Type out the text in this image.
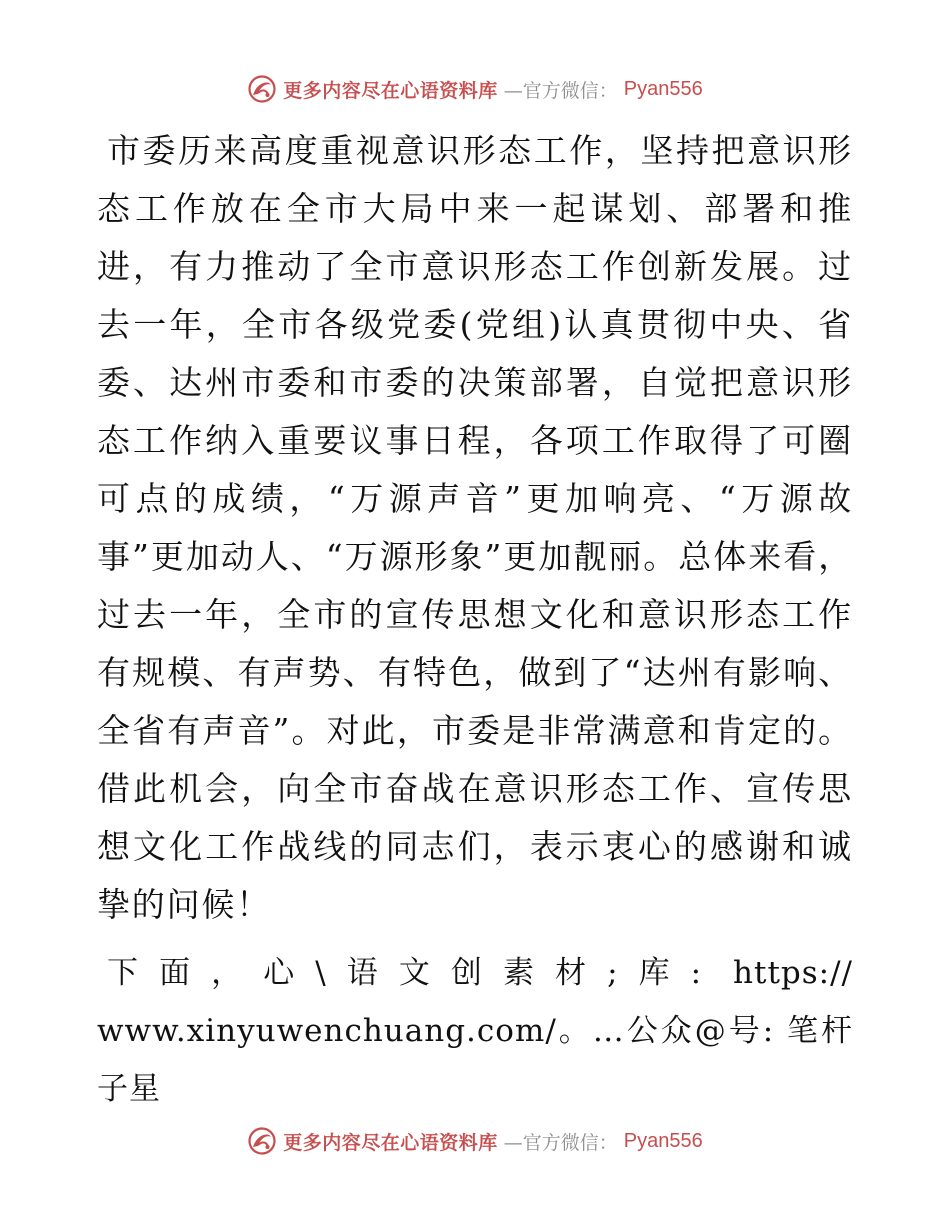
更多内容尽在心语资料库 —官方微信： Pyan556

市委历来高度重视意识形态工作，坚持把意识形态工作放在全市大局中来一起谋划、部署和推进，有力推动了全市意识形态工作创新发展。过去一年，全市各级党委(党组)认真贯彻中央、省委、达州市委和市委的决策部署，自觉把意识形态工作纳入重要议事日程，各项工作取得了可圈可点的成绩，“万源声音”更加响亮、“万源故事”更加动人、“万源形象”更加靓丽。总体来看，过去一年，全市的宣传思想文化和意识形态工作有规模、有声势、有特色，做到了“达州有影响、全省有声音”。对此，市委是非常满意和肯定的。借此机会，向全市奋战在意识形态工作、宣传思想文化工作战线的同志们，表示衷心的感谢和诚挚的问候！

下面，心\语文创素材;库: https:// www.xinyuwenchuang.com/。…公众@号: 笔杆子星

更多内容尽在心语资料库 —官方微信： Pyan556
